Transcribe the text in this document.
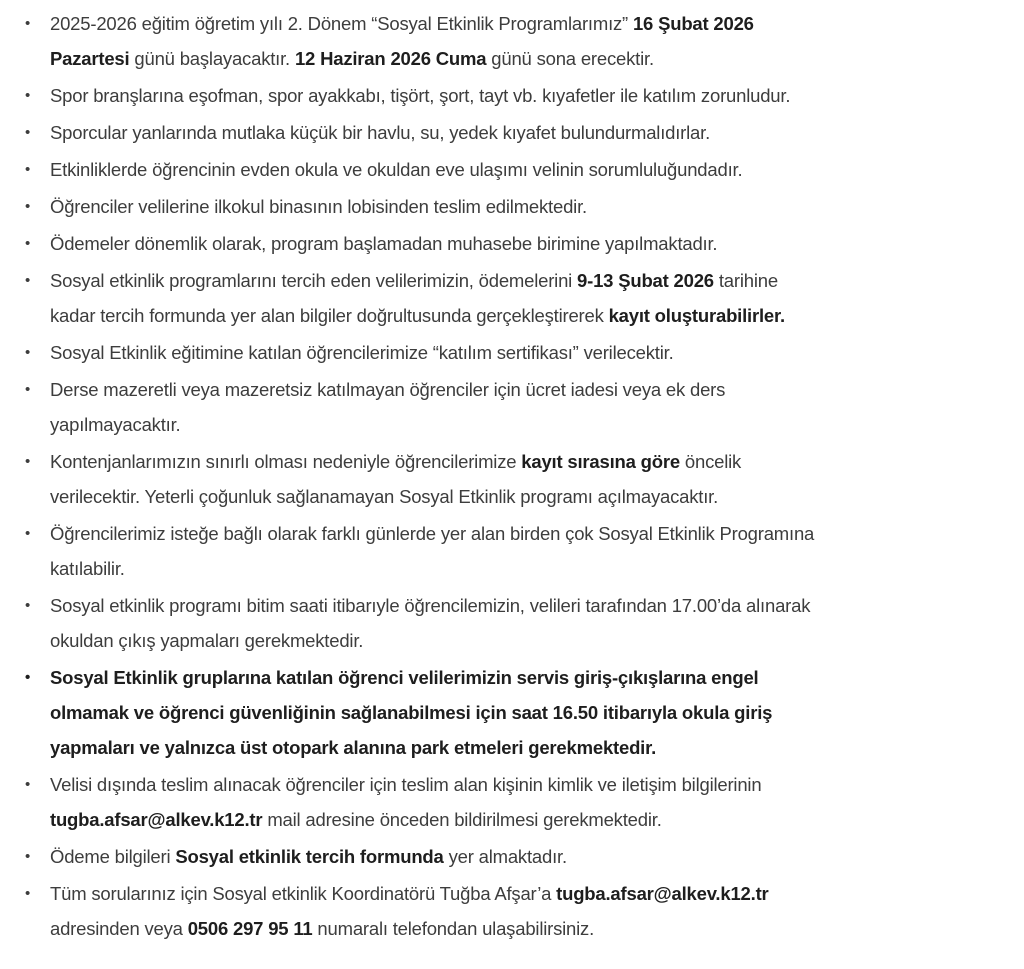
• 2025-2026 eğitim öğretim yılı 2. Dönem “Sosyal Etkinlik Programlarımız” 16 Şubat 2026
Pazartesi günü başlayacaktır. 12 Haziran 2026 Cuma günü sona erecektir.
• Spor branşlarına eşofman, spor ayakkabı, tişört, şort, tayt vb. kıyafetler ile katılım zorunludur.
• Sporcular yanlarında mutlaka küçük bir havlu, su, yedek kıyafet bulundurmalıdırlar.
• Etkinliklerde öğrencinin evden okula ve okuldan eve ulaşımı velinin sorumluluğundadır.
• Öğrenciler velilerine ilkokul binasının lobisinden teslim edilmektedir.
• Ödemeler dönemlik olarak, program başlamadan muhasebe birimine yapılmaktadır.
• Sosyal etkinlik programlarını tercih eden velilerimizin, ödemelerini 9-13 Şubat 2026 tarihine
kadar tercih formunda yer alan bilgiler doğrultusunda gerçekleştirerek kayıt oluşturabilirler.
• Sosyal Etkinlik eğitimine katılan öğrencilerimize “katılım sertifikası” verilecektir.
• Derse mazeretli veya mazeretsiz katılmayan öğrenciler için ücret iadesi veya ek ders
yapılmayacaktır.
• Kontenjanlarımızın sınırlı olması nedeniyle öğrencilerimize kayıt sırasına göre öncelik
verilecektir. Yeterli çoğunluk sağlanamayan Sosyal Etkinlik programı açılmayacaktır.
• Öğrencilerimiz isteğe bağlı olarak farklı günlerde yer alan birden çok Sosyal Etkinlik Programına
katılabilir.
• Sosyal etkinlik programı bitim saati itibarıyle öğrencilemizin, velileri tarafından 17.00’da alınarak
okuldan çıkış yapmaları gerekmektedir.
• Sosyal Etkinlik gruplarına katılan öğrenci velilerimizin servis giriş-çıkışlarına engel
olmamak ve öğrenci güvenliğinin sağlanabilmesi için saat 16.50 itibarıyla okula giriş
yapmaları ve yalnızca üst otopark alanına park etmeleri gerekmektedir.
• Velisi dışında teslim alınacak öğrenciler için teslim alan kişinin kimlik ve iletişim bilgilerinin
tugba.afsar@alkev.k12.tr mail adresine önceden bildirilmesi gerekmektedir.
• Ödeme bilgileri Sosyal etkinlik tercih formunda yer almaktadır.
• Tüm sorularınız için Sosyal etkinlik Koordinatörü Tuğba Afşar’a tugba.afsar@alkev.k12.tr
adresinden veya 0506 297 95 11 numaralı telefondan ulaşabilirsiniz.
